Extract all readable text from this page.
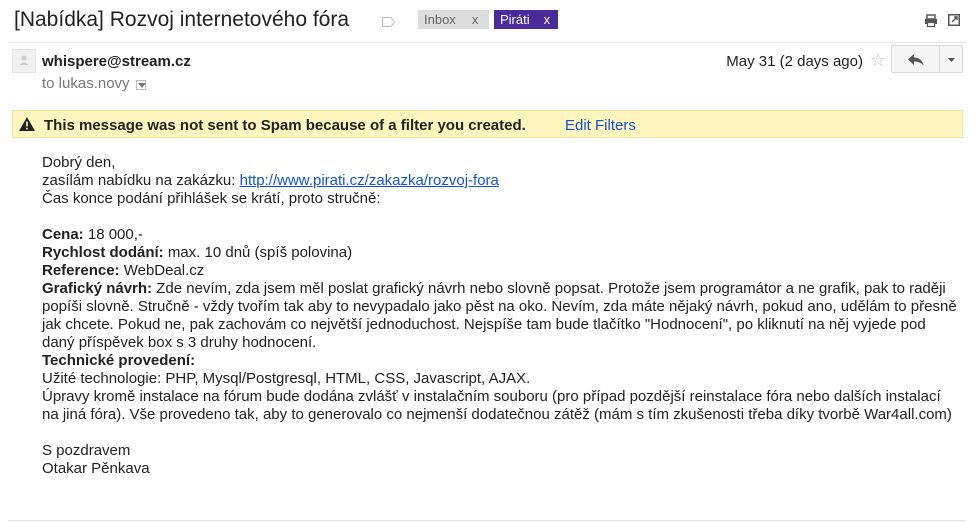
[Nabídka] Rozvoj internetového fóra	Inbox x	Piráti x
whispere@stream.cz
to lukas.novy
May 31 (2 days ago) ☆
This message was not sent to Spam because of a filter you created.	Edit Filters

Dobrý den,

zasílám nabídku na zakázku: http://www.pirati.cz/zakazka/rozvoj-fora

Čas konce podání přihlášek se krátí, proto stručně:

Cena: 18 000,-

Rychlost dodání: max. 10 dnů (spíš polovina)

Reference: WebDeal.cz

Grafický návrh: Zde nevím, zda jsem měl poslat grafický návrh nebo slovně popsat. Protože jsem programátor a ne grafik, pak to raději popíši slovně. Stručně - vždy tvořím tak aby to nevypadalo jako pěst na oko. Nevím, zda máte nějaký návrh, pokud ano, udělám to přesně jak chcete. Pokud ne, pak zachovám co největší jednoduchost. Nejspíše tam bude tlačítko "Hodnocení", po kliknutí na něj vyjede pod daný příspěvek box s 3 druhy hodnocení.

Technické provedení:

Užité technologie: PHP, Mysql/Postgresql, HTML, CSS, Javascript, AJAX.

Úpravy kromě instalace na fórum bude dodána zvlášť v instalačním souboru (pro případ pozdější reinstalace fóra nebo dalších instalací na jiná fóra). Vše provedeno tak, aby to generovalo co nejmenší dodatečnou zátěž (mám s tím zkušenosti třeba díky tvorbě War4all.com)

S pozdravem

Otakar Pěnkava
